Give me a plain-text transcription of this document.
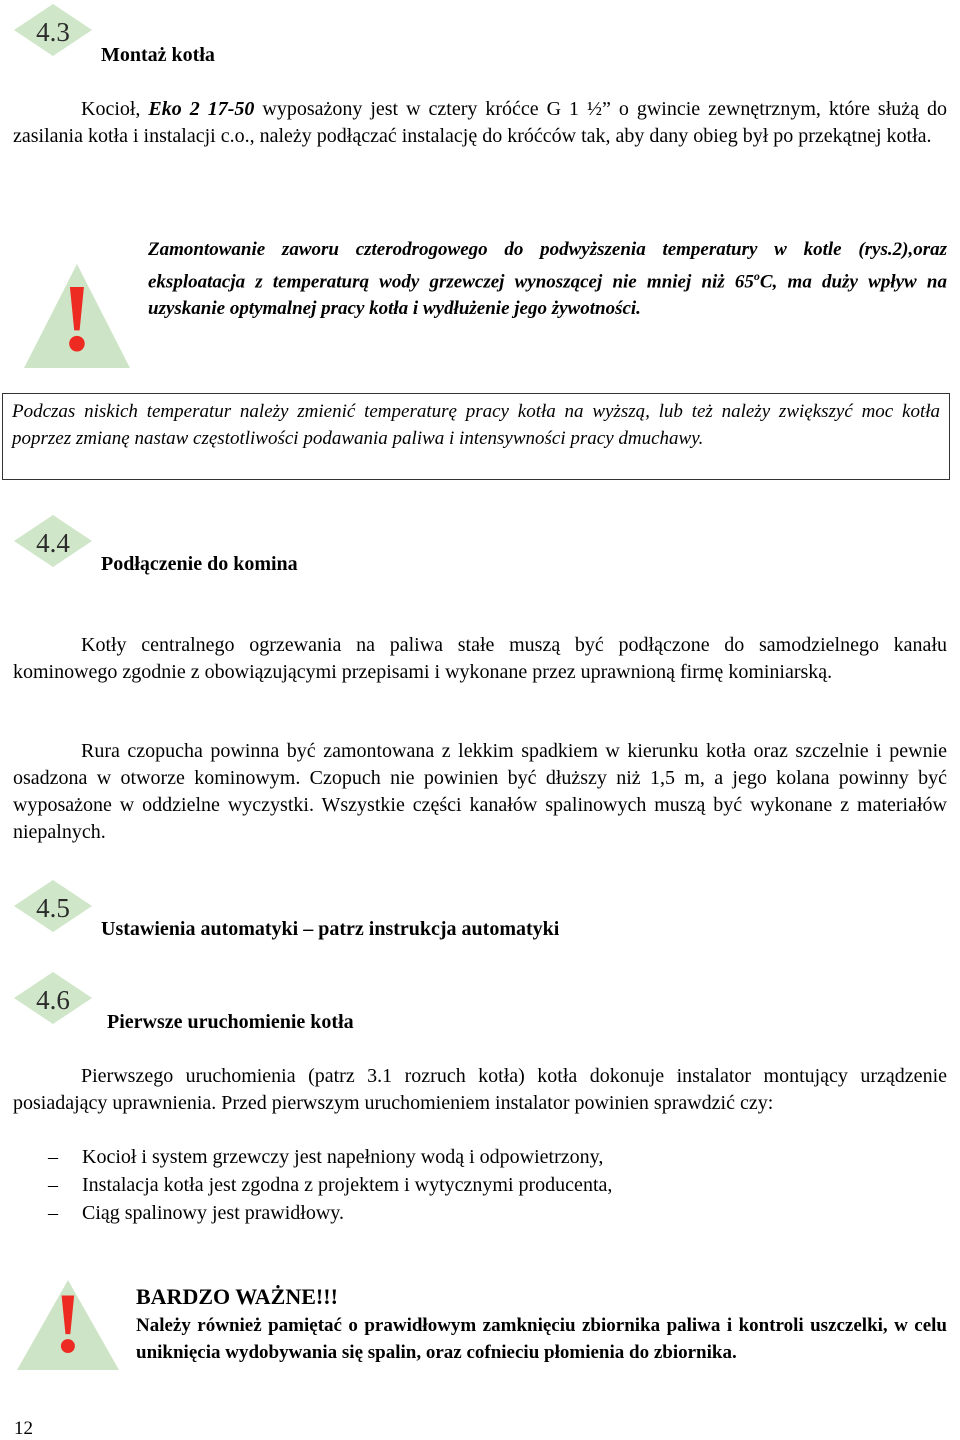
4.3
Montaż kotła

Kocioł, Eko 2 17-50 wyposażony jest w cztery króćce G 1 ½” o gwincie zewnętrznym, które służą do zasilania kotła i instalacji c.o., należy podłączać instalację do króćców tak, aby dany obieg był po przekątnej kotła.

!

Zamontowanie zaworu czterodrogowego do podwyższenia temperatury w kotle (rys.2),oraz eksploatacja z temperaturą wody grzewczej wynoszącej nie mniej niż 65$^o$C, ma duży wpływ na uzyskanie optymalnej pracy kotła i wydłużenie jego żywotności.

Podczas niskich temperatur należy zmienić temperaturę pracy kotła na wyższą, lub też należy zwiększyć moc kotła poprzez zmianę nastaw częstotliwości podawania paliwa i intensywności pracy dmuchawy.

4.4
Podłączenie do komina

Kotły centralnego ogrzewania na paliwa stałe muszą być podłączone do samodzielnego kanału kominowego zgodnie z obowiązującymi przepisami i wykonane przez uprawnioną firmę kominiarską.

Rura czopucha powinna być zamontowana z lekkim spadkiem w kierunku kotła oraz szczelnie i pewnie osadzona w otworze kominowym. Czopuch nie powinien być dłuższy niż 1,5 m, a jego kolana powinny być wyposażone w oddzielne wyczystki. Wszystkie części kanałów spalinowych muszą być wykonane z materiałów niepalnych.

4.5
Ustawienia automatyki – patrz instrukcja automatyki
4.6
Pierwsze uruchomienie kotła

Pierwszego uruchomienia (patrz 3.1 rozruch kotła) kotła dokonuje instalator montujący urządzenie posiadający uprawnienia. Przed pierwszym uruchomieniem instalator powinien sprawdzić czy:

– Kocioł i system grzewczy jest napełniony wodą i odpowietrzony,
– Instalacja kotła jest zgodna z projektem i wytycznymi producenta,
– Ciąg spalinowy jest prawidłowy.
!	BARDZO WAŻNE!!!

Należy również pamiętać o prawidłowym zamknięciu zbiornika paliwa i kontroli uszczelki, w celu uniknięcia wydobywania się spalin, oraz cofnieciu płomienia do zbiornika.

12
